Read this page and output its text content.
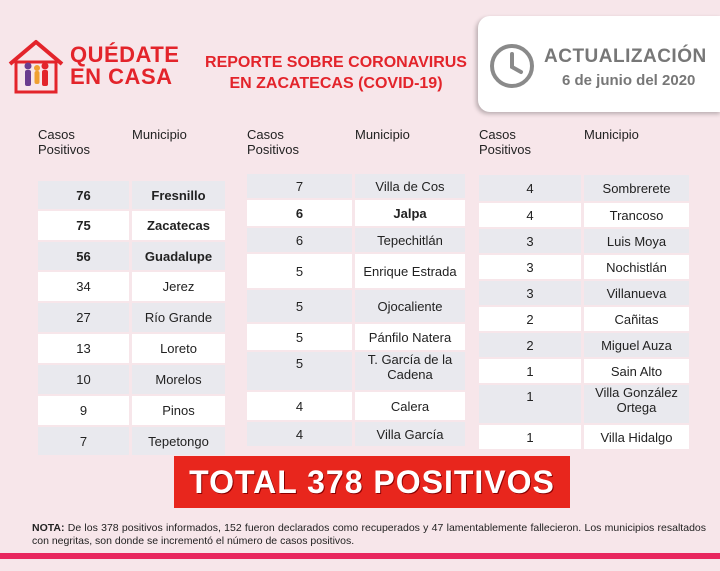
QUÉDATE
EN CASA
REPORTE SOBRE CORONAVIRUS
EN ZACATECAS (COVID-19)
ACTUALIZACIÓN
6 de junio del 2020
Casos
Positivos
Municipio
76	Fresnillo
75	Zacatecas
56	Guadalupe
34	Jerez
27	Río Grande
13	Loreto
10	Morelos
9	Pinos
7	Tepetongo
Casos
Positivos
Municipio
7	Villa de Cos
6	Jalpa
6	Tepechitlán
5	Enrique Estrada
5	Ojocaliente
5	Pánfilo Natera
5	T. García de la Cadena
4	Calera
4	Villa García
Casos
Positivos
Municipio
4	Sombrerete
4	Trancoso
3	Luis Moya
3	Nochistlán
3	Villanueva
2	Cañitas
2	Miguel Auza
1	Sain Alto
1	Villa González Ortega
1	Villa Hidalgo
TOTAL 378 POSITIVOS
NOTA: De los 378 positivos informados, 152 fueron declarados como recuperados y 47 lamentablemente fallecieron. Los municipios resaltados con negritas, son donde se incrementó el número de casos positivos.
